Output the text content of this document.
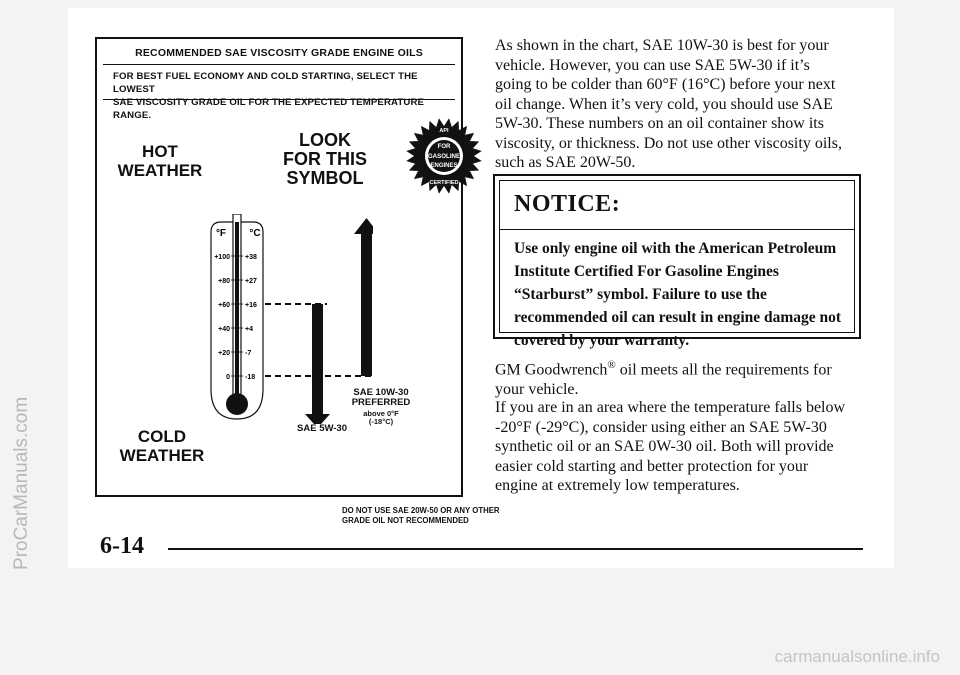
RECOMMENDED SAE VISCOSITY GRADE ENGINE OILS
FOR BEST FUEL ECONOMY AND COLD STARTING, SELECT THE LOWEST
SAE VISCOSITY GRADE OIL FOR THE EXPECTED TEMPERATURE RANGE.
HOT
WEATHER
LOOK
FOR THIS
SYMBOL
COLD
WEATHER
FOR
GASOLINE
ENGINES
API
CERTIFIED
°F °C
+100 +38
+80 +27
+60 +16
+40 +4
+20 -7
0 -18
SAE 10W-30
PREFERRED
above 0°F
(-18°C)
SAE 5W-30
DO NOT USE SAE 20W-50 OR ANY OTHER
GRADE OIL NOT RECOMMENDED
As shown in the chart, SAE 10W-30 is best for your vehicle. However, you can use SAE 5W-30 if it’s going to be colder than 60°F (16°C) before your next oil change. When it’s very cold, you should use SAE 5W-30. These numbers on an oil container show its viscosity, or thickness. Do not use other viscosity oils, such as SAE 20W-50.
NOTICE:
Use only engine oil with the American Petroleum Institute Certified For Gasoline Engines “Starburst” symbol. Failure to use the recommended oil can result in engine damage not covered by your warranty.
GM Goodwrench® oil meets all the requirements for your vehicle.
If you are in an area where the temperature falls below -20°F (-29°C), consider using either an SAE 5W-30 synthetic oil or an SAE 0W-30 oil. Both will provide easier cold starting and better protection for your engine at extremely low temperatures.
6-14
ProCarManuals.com
carmanualsonline.info
